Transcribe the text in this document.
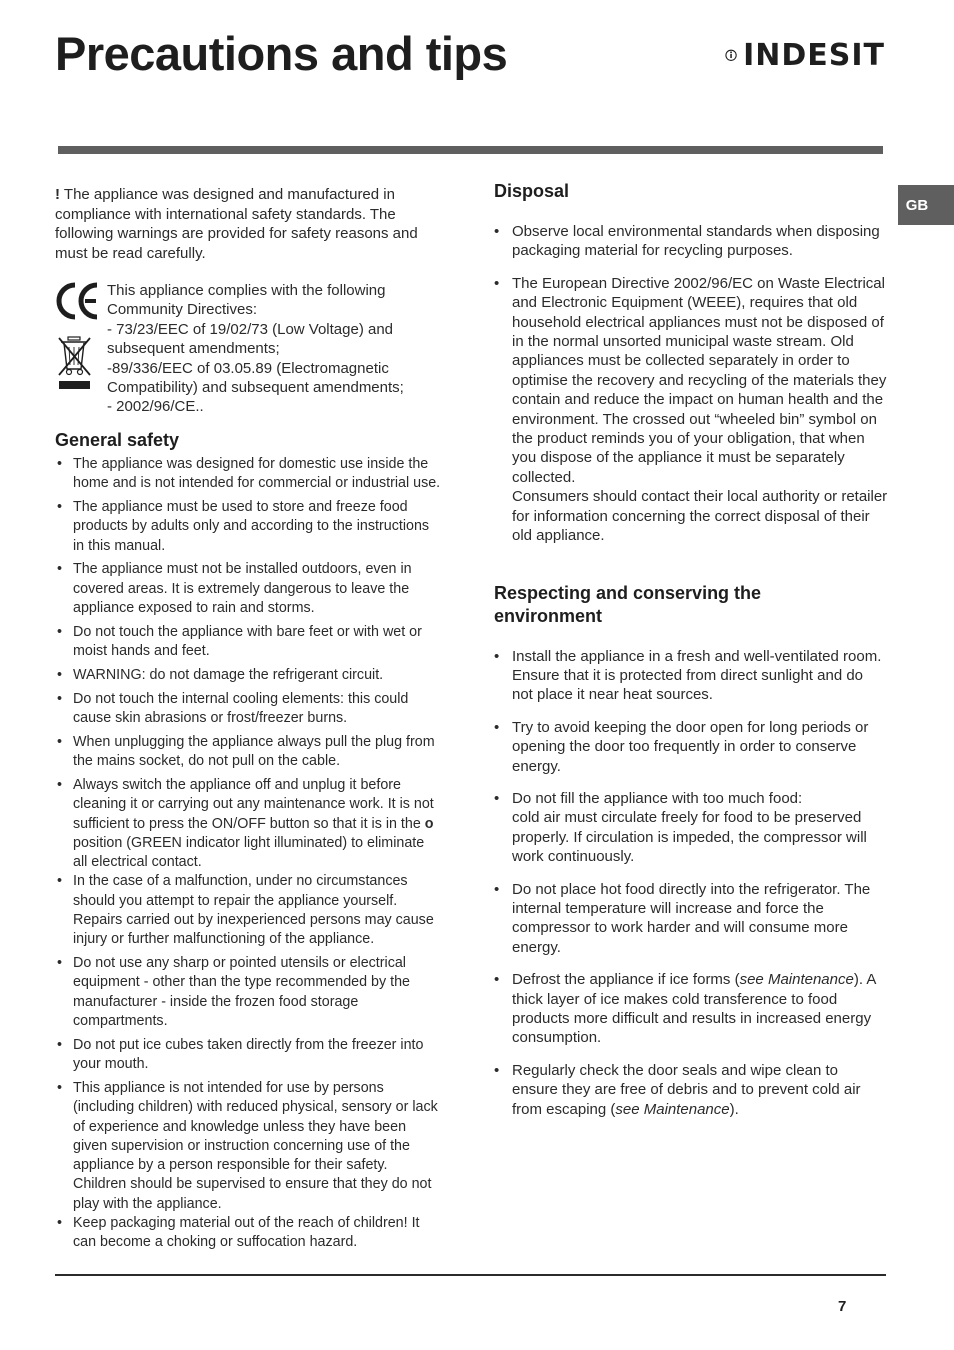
Precautions and tips	INDESIT
GB

! The appliance was designed and manufactured in compliance with international safety standards. The following warnings are provided for safety reasons and must be read carefully.

This appliance complies with the following
Community Directives:
- 73/23/EEC of 19/02/73 (Low Voltage) and
subsequent amendments;
-89/336/EEC of 03.05.89 (Electromagnetic
Compatibility) and subsequent amendments;
- 2002/96/CE..
General safety
• The appliance was designed for domestic use inside the home and is not intended for commercial or industrial use.
• The appliance must be used to store and freeze food products by adults only and according to the instructions in this manual.
• The appliance must not be installed outdoors, even in covered areas. It is extremely dangerous to leave the appliance exposed to rain and storms.
• Do not touch the appliance with bare feet or with wet or moist hands and feet.
• WARNING: do not damage the refrigerant circuit.
• Do not touch the internal cooling elements: this could cause skin abrasions or frost/freezer burns.
• When unplugging the appliance always pull the plug from the mains socket, do not pull on the cable.
• Always switch the appliance off and unplug it before cleaning it or carrying out any maintenance work. It is not sufficient to press the ON/OFF button so that it is in the o position (GREEN indicator light illuminated) to eliminate all electrical contact.
• In the case of a malfunction, under no circumstances should you attempt to repair the appliance yourself. Repairs carried out by inexperienced persons may cause injury or further malfunctioning of the appliance.
• Do not use any sharp or pointed utensils or electrical equipment - other than the type recommended by the manufacturer - inside the frozen food storage compartments.
• Do not put ice cubes taken directly from the freezer into your mouth.
• This appliance is not intended for use by persons (including children) with reduced physical, sensory or lack of experience and knowledge unless they have been given supervision or instruction concerning use of the appliance by a person responsible for their safety. Children should be supervised to ensure that they do not play with the appliance.
• Keep packaging material out of the reach of children! It can become a choking or suffocation hazard.
Disposal
• Observe local environmental standards when disposing packaging material for recycling purposes.
• The European Directive 2002/96/EC on Waste Electrical and Electronic Equipment (WEEE), requires that old household electrical appliances must not be disposed of in the normal unsorted municipal waste stream. Old appliances must be collected separately in order to optimise the recovery and recycling of the materials they contain and reduce the impact on human health and the environment. The crossed out “wheeled bin” symbol on the product reminds you of your obligation, that when you dispose of the appliance it must be separately collected.
Consumers should contact their local authority or retailer for information concerning the correct disposal of their old appliance.
Respecting and conserving the
environment
• Install the appliance in a fresh and well-ventilated room. Ensure that it is protected from direct sunlight and do not place it near heat sources.
• Try to avoid keeping the door open for long periods or opening the door too frequently in order to conserve energy.
• Do not fill the appliance with too much food:
cold air must circulate freely for food to be preserved properly. If circulation is impeded, the compressor will work continuously.
• Do not place hot food directly into the refrigerator. The internal temperature will increase and force the compressor to work harder and will consume more energy.
• Defrost the appliance if ice forms (see Maintenance). A thick layer of ice makes cold transference to food products more difficult and results in increased energy consumption.
• Regularly check the door seals and wipe clean to ensure they are free of debris and to prevent cold air from escaping (see Maintenance).
7
